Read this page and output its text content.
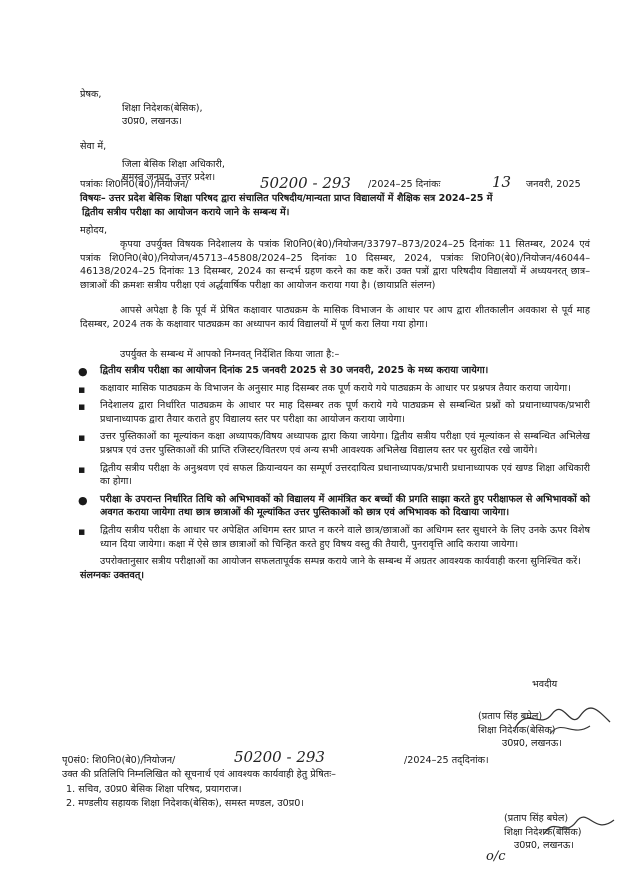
प्रेषक,
शिक्षा निदेशक(बेसिक),
उ0प्र0, लखनऊ।
सेवा में,
जिला बेसिक शिक्षा अधिकारी,
समस्त जनपद, उत्तर प्रदेश।
पत्रांकः शि0नि0(बे0)/नियोजन/	50200 - 293 /2024–25 दिनांकः	13 जनवरी, 2025
विषयः– उत्तर प्रदेश बेसिक शिक्षा परिषद द्वारा संचालित परिषदीय/मान्यता प्राप्त विद्यालयों में शैक्षिक सत्र 2024–25 में
द्वितीय सत्रीय परीक्षा का आयोजन कराये जाने के सम्बन्ध में।
महोदय,
कृपया उपर्युक्त विषयक निदेशालय के पत्रांक शि0नि0(बे0)/नियोजन/33797–873/2024–25 दिनांकः 11 सितम्बर, 2024 एवं पत्रांक शि0नि0(बे0)/नियोजन/45713–45808/2024–25 दिनांकः 10 दिसम्बर, 2024, पत्रांकः शि0नि0(बे0)/नियोजन/46044–46138/2024–25 दिनांकः 13 दिसम्बर, 2024 का सन्दर्भ ग्रहण करने का कष्ट करें। उक्त पत्रों द्वारा परिषदीय विद्यालयों में अध्ययनरत् छात्र–छात्राओं की क्रमशः सत्रीय परीक्षा एवं अर्द्धवार्षिक परीक्षा का आयोजन कराया गया है। (छायाप्रति संलग्न)
आपसे अपेक्षा है कि पूर्व में प्रेषित कक्षावार पाठ्यक्रम के मासिक विभाजन के आधार पर आप द्वारा शीतकालीन अवकाश से पूर्व माह दिसम्बर, 2024 तक के कक्षावार पाठ्यक्रम का अध्यापन कार्य विद्यालयों में पूर्ण करा लिया गया होगा।
उपर्युक्त के सम्बन्ध में आपको निम्नवत् निर्देशित किया जाता है:–
● द्वितीय सत्रीय परीक्षा का आयोजन दिनांक 25 जनवरी 2025 से 30 जनवरी, 2025 के मध्य कराया जायेगा।
▪ कक्षावार मासिक पाठ्यक्रम के विभाजन के अनुसार माह दिसम्बर तक पूर्ण कराये गये पाठ्यक्रम के आधार पर प्रश्नपत्र तैयार कराया जायेगा।
▪ निदेशालय द्वारा निर्धारित पाठ्यक्रम के आधार पर माह दिसम्बर तक पूर्ण कराये गये पाठ्यक्रम से सम्बन्धित प्रश्नों को प्रधानाध्यापक/प्रभारी प्रधानाध्यापक द्वारा तैयार कराते हुए विद्यालय स्तर पर परीक्षा का आयोजन कराया जायेगा।
▪ उत्तर पुस्तिकाओं का मूल्यांकन कक्षा अध्यापक/विषय अध्यापक द्वारा किया जायेगा। द्वितीय सत्रीय परीक्षा एवं मूल्यांकन से सम्बन्धित अभिलेख प्रश्नपत्र एवं उत्तर पुस्तिकाओं की प्राप्ति रजिस्टर/वितरण एवं अन्य सभी आवश्यक अभिलेख विद्यालय स्तर पर सुरक्षित रखे जायेंगे।
▪ द्वितीय सत्रीय परीक्षा के अनुश्रवण एवं सफल क्रियान्वयन का सम्पूर्ण उत्तरदायित्व प्रधानाध्यापक/प्रभारी प्रधानाध्यापक एवं खण्ड शिक्षा अधिकारी का होगा।
● परीक्षा के उपरान्त निर्धारित तिथि को अभिभावकों को विद्यालय में आमंत्रित कर बच्चों की प्रगति साझा करते हुए परीक्षाफल से अभिभावकों को अवगत कराया जायेगा तथा छात्र छात्राओं की मूल्यांकित उत्तर पुस्तिकाओं को छात्र एवं अभिभावक को दिखाया जायेगा।
▪ द्वितीय सत्रीय परीक्षा के आधार पर अपेक्षित अधिगम स्तर प्राप्त न करने वाले छात्र/छात्राओं का अधिगम स्तर सुधारने के लिए उनके ऊपर विशेष ध्यान दिया जायेगा। कक्षा में ऐसे छात्र छात्राओं को चिन्हित करते हुए विषय वस्तु की तैयारी, पुनरावृत्ति आदि कराया जायेगा।
उपरोक्तानुसार सत्रीय परीक्षाओं का आयोजन सफलतापूर्वक सम्पन्न कराये जाने के सम्बन्ध में अग्रतर आवश्यक कार्यवाही करना सुनिश्चित करें।
संलग्नकः उक्तवत्।
भवदीय
(प्रताप सिंह बघेल)
शिक्षा निदेशक(बेसिक)
उ0प्र0, लखनऊ।
पृ0सं0: शि0नि0(बे0)/नियोजन/	50200 - 293	/2024–25 तद्‌दिनांक।
उक्त की प्रतिलिपि निम्नलिखित को सूचनार्थ एवं आवश्यक कार्यवाही हेतु प्रेषितः–
1. सचिव, उ0प्र0 बेसिक शिक्षा परिषद, प्रयागराज।
2. मण्डलीय सहायक शिक्षा निदेशक(बेसिक), समस्त मण्डल, उ0प्र0।
(प्रताप सिंह बघेल)
शिक्षा निदेशक(बेसिक)
उ0प्र0, लखनऊ।
o/c
